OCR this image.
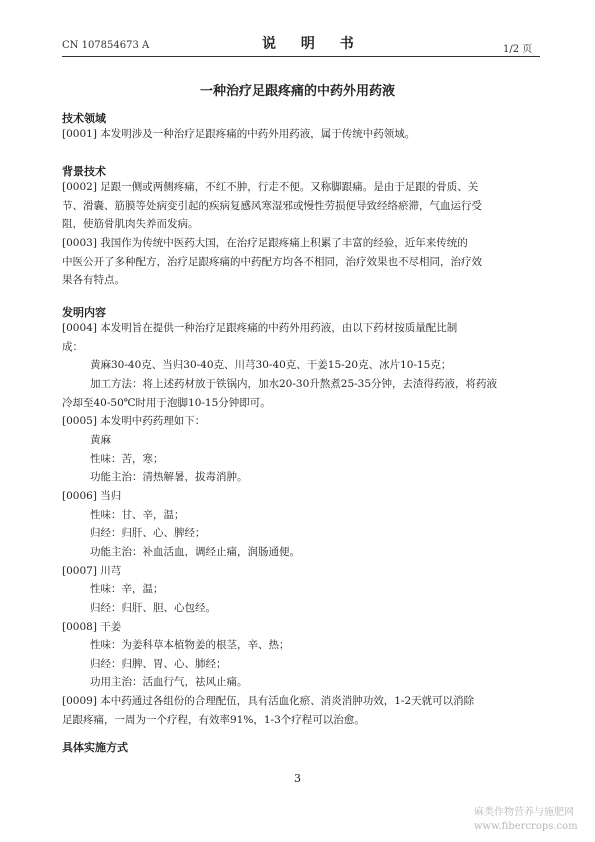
CN 107854673 A	说 明 书	1/2 页
一种治疗足跟疼痛的中药外用药液
技术领域
[0001] 本发明涉及一种治疗足跟疼痛的中药外用药液，属于传统中药领域。
背景技术
[0002] 足跟一侧或两侧疼痛，不红不肿，行走不便。又称脚跟痛。是由于足跟的骨质、关
节、滑囊、筋膜等处病变引起的疾病复感风寒湿邪或慢性劳损便导致经络瘀滞，气血运行受
阻，使筋骨肌肉失养而发病。
[0003] 我国作为传统中医药大国，在治疗足跟疼痛上积累了丰富的经验，近年来传统的
中医公开了多种配方，治疗足跟疼痛的中药配方均各不相同，治疗效果也不尽相同，治疗效
果各有特点。
发明内容
[0004] 本发明旨在提供一种治疗足跟疼痛的中药外用药液，由以下药材按质量配比制
成：
黄麻30-40克、当归30-40克、川芎30-40克、干姜15-20克、冰片10-15克；
加工方法：将上述药材放于铁锅内，加水20-30升熬煮25-35分钟，去渣得药液，将药液
冷却至40-50℃时用于泡脚10-15分钟即可。
[0005] 本发明中药药理如下：
黄麻
性味：苦，寒；
功能主治：清热解暑，拔毒消肿。
[0006] 当归
性味：甘、辛，温；
归经：归肝、心、脾经；
功能主治：补血活血，调经止痛，润肠通便。
[0007] 川芎
性味：辛，温；
归经：归肝、胆、心包经。
[0008] 干姜
性味：为姜科草本植物姜的根茎，辛、热；
归经：归脾、胃、心、肺经；
功用主治：活血行气，祛风止痛。
[0009] 本中药通过各组份的合理配伍，具有活血化瘀、消炎消肿功效，1-2天就可以消除
足跟疼痛，一周为一个疗程，有效率91%，1-3个疗程可以治愈。
具体实施方式
3
麻类作物营养与施肥网
www.fibercrops.com
